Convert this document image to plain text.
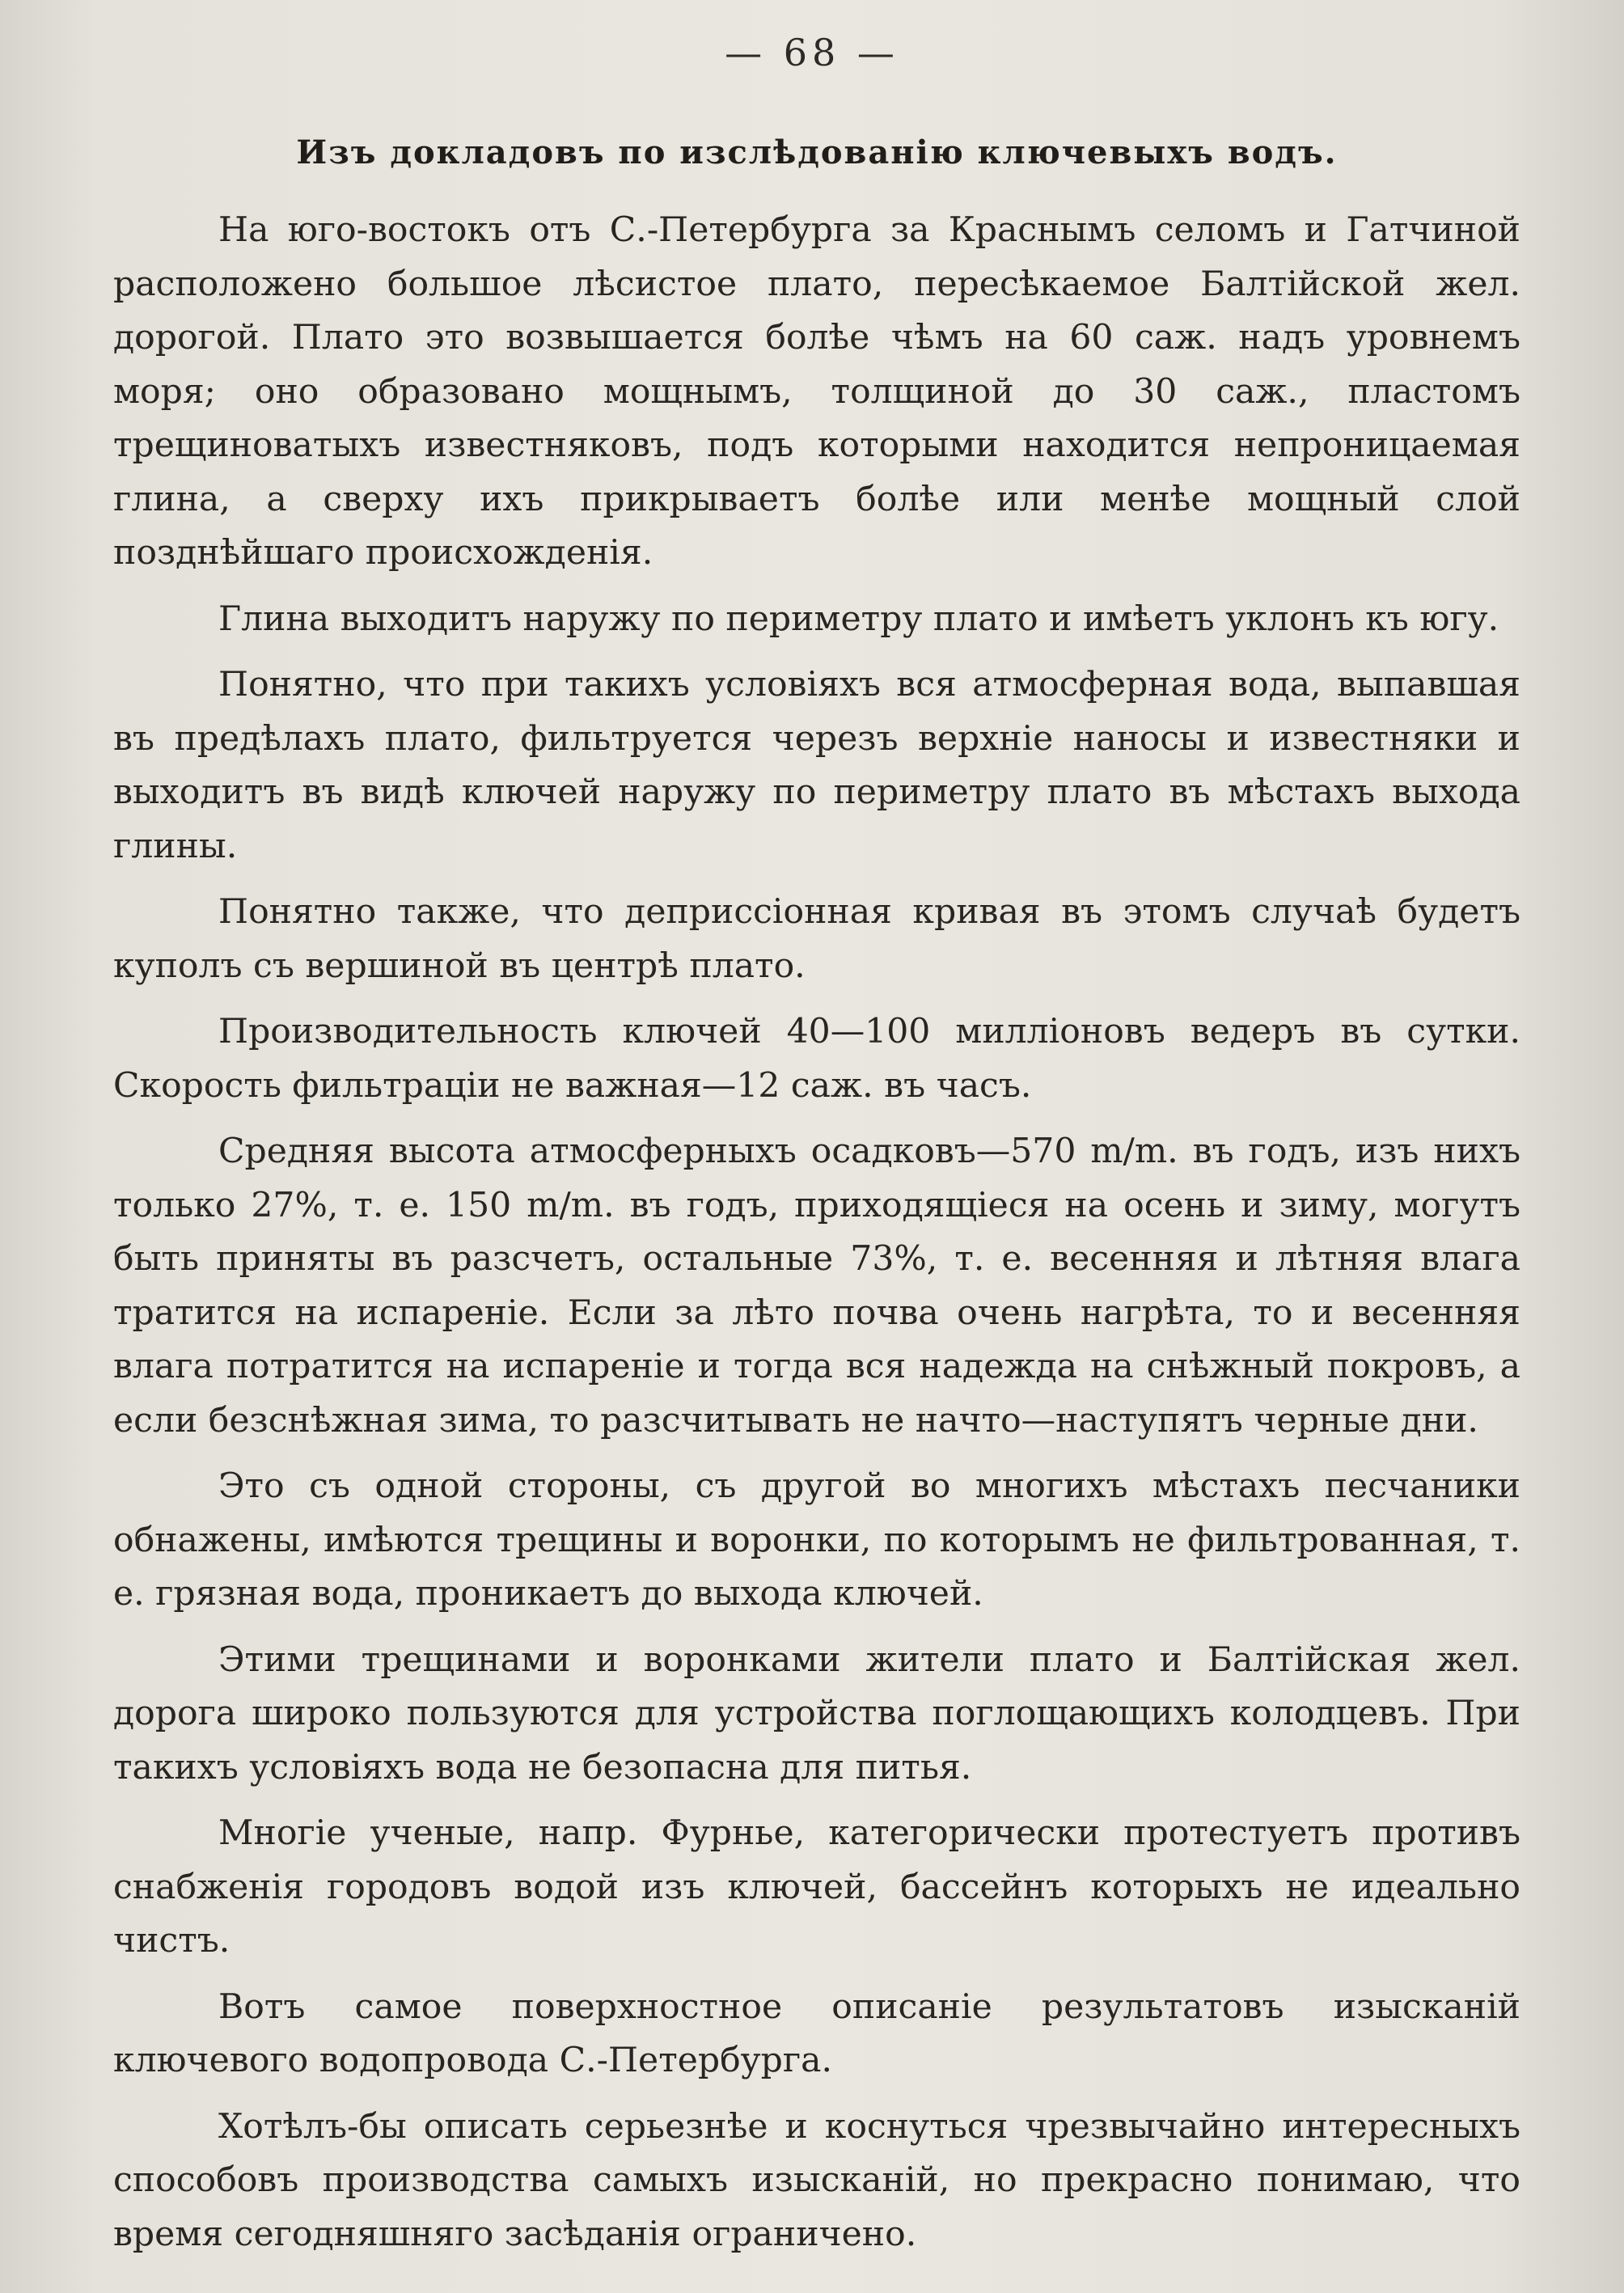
— 68 —
Изъ докладовъ по изслѣдованію ключевыхъ водъ.

На юго-востокъ отъ С.-Петербурга за Краснымъ селомъ и Гатчиной расположено большое лѣсистое плато, пересѣкаемое Балтійской жел. дорогой. Плато это возвышается болѣе чѣмъ на 60 саж. надъ уровнемъ моря; оно образовано мощнымъ, толщиной до 30 саж., пластомъ трещиноватыхъ известняковъ, подъ которыми находится непроницаемая глина, а сверху ихъ прикрываетъ болѣе или менѣе мощный слой позднѣйшаго происхожденія.

Глина выходитъ наружу по периметру плато и имѣетъ уклонъ къ югу.

Понятно, что при такихъ условіяхъ вся атмосферная вода, выпавшая въ предѣлахъ плато, фильтруется черезъ верхніе наносы и известняки и выходитъ въ видѣ ключей наружу по периметру плато въ мѣстахъ выхода глины.

Понятно также, что деприссіонная кривая въ этомъ случаѣ будетъ куполъ съ вершиной въ центрѣ плато.

Производительность ключей 40—100 милліоновъ ведеръ въ сутки. Скорость фильтраціи не важная—12 саж. въ часъ.

Средняя высота атмосферныхъ осадковъ—570 m/m. въ годъ, изъ нихъ только 27%, т. е. 150 m/m. въ годъ, приходящіеся на осень и зиму, могутъ быть приняты въ разсчетъ, остальные 73%, т. е. весенняя и лѣтняя влага тратится на испареніе. Если за лѣто почва очень нагрѣта, то и весенняя влага потратится на испареніе и тогда вся надежда на снѣжный покровъ, а если безснѣжная зима, то разсчитывать не начто—наступятъ черные дни.

Это съ одной стороны, съ другой во многихъ мѣстахъ песчаники обнажены, имѣются трещины и воронки, по которымъ не фильтрованная, т. е. грязная вода, проникаетъ до выхода ключей.

Этими трещинами и воронками жители плато и Балтійская жел. дорога широко пользуются для устройства поглощающихъ колодцевъ. При такихъ условіяхъ вода не безопасна для питья.

Многіе ученые, напр. Фурнье, категорически протестуетъ противъ снабженія городовъ водой изъ ключей, бассейнъ которыхъ не идеально чистъ.

Вотъ самое поверхностное описаніе результатовъ изысканій ключевого водопровода С.-Петербурга.

Хотѣлъ-бы описать серьезнѣе и коснуться чрезвычайно интересныхъ способовъ производства самыхъ изысканій, но прекрасно понимаю, что время сегодняшняго засѣданія ограничено.
